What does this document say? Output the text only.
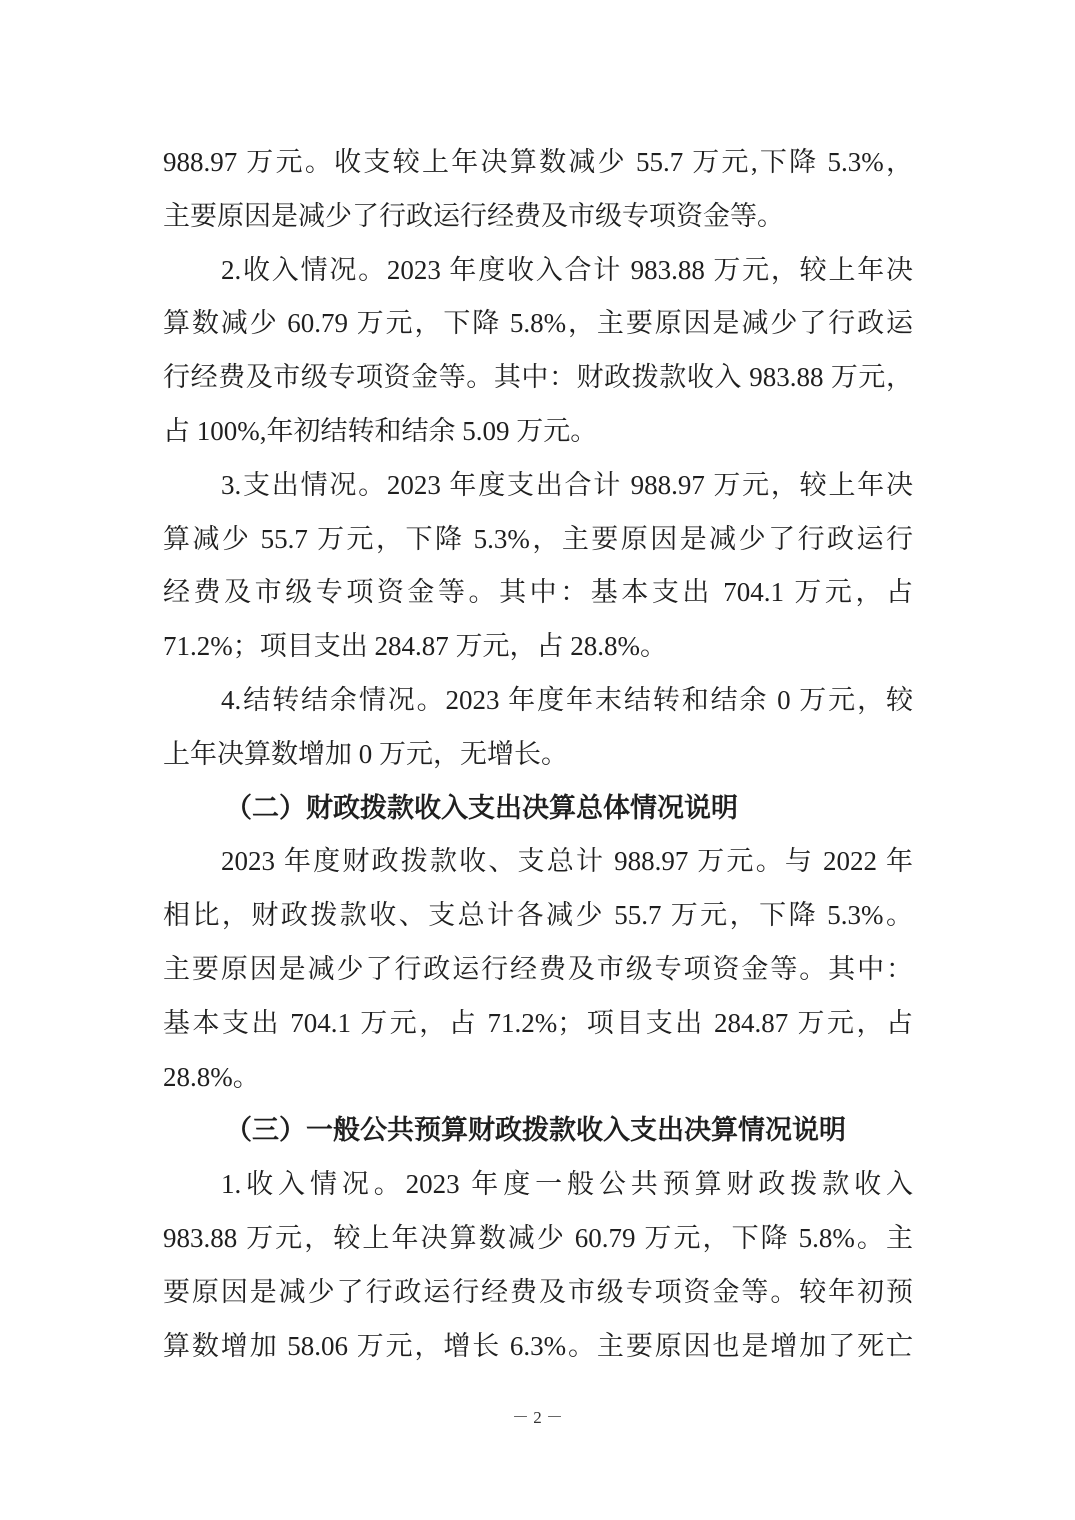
988.97 万元。收支较上年决算数减少 55.7 万元,下降 5.3%，
主要原因是减少了行政运行经费及市级专项资金等。
2.收入情况。2023 年度收入合计 983.88 万元，较上年决
算数减少 60.79 万元，下降 5.8%，主要原因是减少了行政运
行经费及市级专项资金等。其中：财政拨款收入 983.88 万元，
占 100%,年初结转和结余 5.09 万元。
3.支出情况。2023 年度支出合计 988.97 万元，较上年决
算减少 55.7 万元，下降 5.3%，主要原因是减少了行政运行
经费及市级专项资金等。其中：基本支出 704.1 万元，占
71.2%；项目支出 284.87 万元，占 28.8%。
4.结转结余情况。2023 年度年末结转和结余 0 万元，较
上年决算数增加 0 万元，无增长。
（二）财政拨款收入支出决算总体情况说明
2023 年度财政拨款收、支总计 988.97 万元。与 2022 年
相比，财政拨款收、支总计各减少 55.7 万元，下降 5.3%。
主要原因是减少了行政运行经费及市级专项资金等。其中：
基本支出 704.1 万元，占 71.2%；项目支出 284.87 万元，占
28.8%。
（三）一般公共预算财政拨款收入支出决算情况说明
1.收入情况。2023 年度一般公共预算财政拨款收入
983.88 万元，较上年决算数减少 60.79 万元，下降 5.8%。主
要原因是减少了行政运行经费及市级专项资金等。较年初预
算数增加 58.06 万元，增长 6.3%。主要原因也是增加了死亡
－ 2 －
